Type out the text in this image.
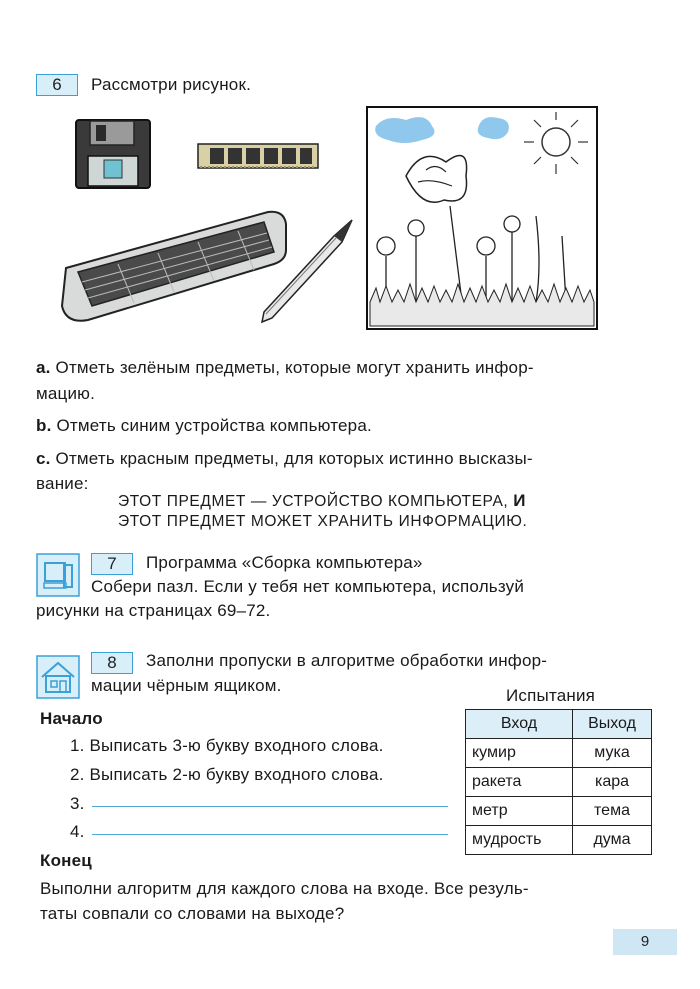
6	Рассмотри рисунок.
a. Отметь зелёным предметы, которые могут хранить инфор-
мацию.
b. Отметь синим устройства компьютера.
c. Отметь красным предметы, для которых истинно высказы-
вание:
ЭТОТ ПРЕДМЕТ — УСТРОЙСТВО КОМПЬЮТЕРА, И
ЭТОТ ПРЕДМЕТ МОЖЕТ ХРАНИТЬ ИНФОРМАЦИЮ.
7	Программа «Сборка компьютера»
Собери пазл. Если у тебя нет компьютера, используй
рисунки на страницах 69–72.
8	Заполни пропуски в алгоритме обработки инфор-
мации чёрным ящиком.
Испытания
Начало
1. Выписать 3-ю букву входного слова.
2. Выписать 2-ю букву входного слова.
3.
4.
Конец
Вход	Выход
кумир	мука
ракета	кара
метр	тема
мудрость	дума
Выполни алгоритм для каждого слова на входе. Все резуль-
таты совпали со словами на выходе?
9
